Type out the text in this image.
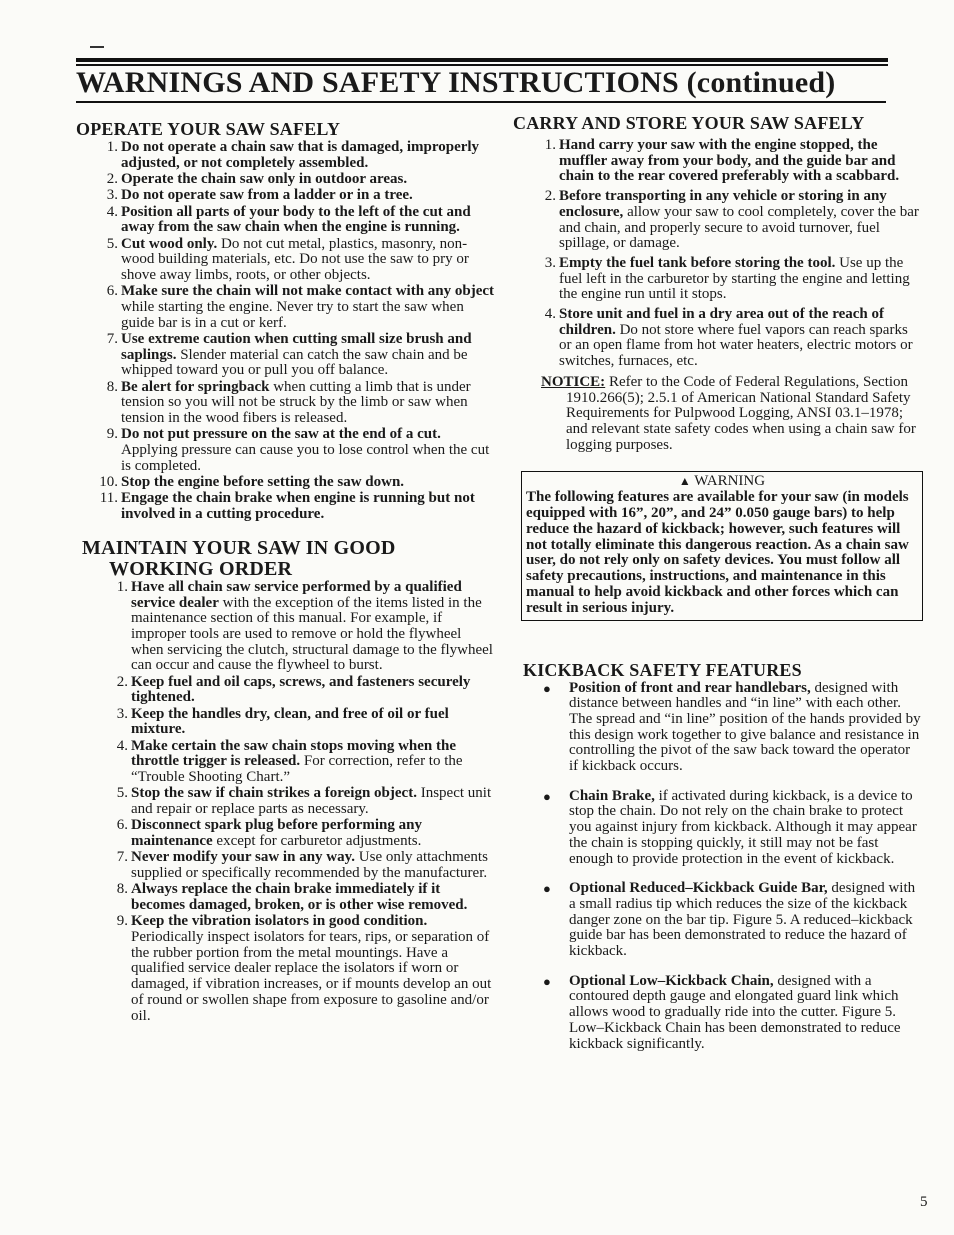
WARNINGS AND SAFETY INSTRUCTIONS (continued)
OPERATE YOUR SAW SAFELY
1. Do not operate a chain saw that is damaged, improperly adjusted, or not completely assembled.
2. Operate the chain saw only in outdoor areas.
3. Do not operate saw from a ladder or in a tree.
4. Position all parts of your body to the left of the cut and away from the saw chain when the engine is running.
5. Cut wood only. Do not cut metal, plastics, masonry, non-wood building materials, etc. Do not use the saw to pry or shove away limbs, roots, or other objects.
6. Make sure the chain will not make contact with any object while starting the engine. Never try to start the saw when guide bar is in a cut or kerf.
7. Use extreme caution when cutting small size brush and saplings. Slender material can catch the saw chain and be whipped toward you or pull you off balance.
8. Be alert for springback when cutting a limb that is under tension so you will not be struck by the limb or saw when tension in the wood fibers is released.
9. Do not put pressure on the saw at the end of a cut. Applying pressure can cause you to lose control when the cut is completed.
10. Stop the engine before setting the saw down.
11. Engage the chain brake when engine is running but not involved in a cutting procedure.
MAINTAIN YOUR SAW IN GOOD
WORKING ORDER
1. Have all chain saw service performed by a qualified service dealer with the exception of the items listed in the maintenance section of this manual. For example, if improper tools are used to remove or hold the flywheel when servicing the clutch, structural damage to the flywheel can occur and cause the flywheel to burst.
2. Keep fuel and oil caps, screws, and fasteners securely tightened.
3. Keep the handles dry, clean, and free of oil or fuel mixture.
4. Make certain the saw chain stops moving when the throttle trigger is released. For correction, refer to the “Trouble Shooting Chart.”
5. Stop the saw if chain strikes a foreign object. Inspect unit and repair or replace parts as necessary.
6. Disconnect spark plug before performing any maintenance except for carburetor adjustments.
7. Never modify your saw in any way. Use only attachments supplied or specifically recommended by the manufacturer.
8. Always replace the chain brake immediately if it becomes damaged, broken, or is other wise removed.
9. Keep the vibration isolators in good condition. Periodically inspect isolators for tears, rips, or separation of the rubber portion from the metal mountings. Have a qualified service dealer replace the isolators if worn or damaged, if vibration increases, or if mounts develop an out of round or swollen shape from exposure to gasoline and/or oil.
CARRY AND STORE YOUR SAW SAFELY
1. Hand carry your saw with the engine stopped, the muffler away from your body, and the guide bar and chain to the rear covered preferably with a scabbard.
2. Before transporting in any vehicle or storing in any enclosure, allow your saw to cool completely, cover the bar and chain, and properly secure to avoid turnover, fuel spillage, or damage.
3. Empty the fuel tank before storing the tool. Use up the fuel left in the carburetor by starting the engine and letting the engine run until it stops.
4. Store unit and fuel in a dry area out of the reach of children. Do not store where fuel vapors can reach sparks or an open flame from hot water heaters, electric motors or switches, furnaces, etc.

NOTICE: Refer to the Code of Federal Regulations, Section 1910.266(5); 2.5.1 of American National Standard Safety Requirements for Pulpwood Logging, ANSI 03.1–1978; and relevant state safety codes when using a chain saw for logging purposes.

▲ WARNING
The following features are available for your saw (in models equipped with 16”, 20”, and 24” 0.050 gauge bars) to help reduce the hazard of kickback; however, such features will not totally eliminate this dangerous reaction. As a chain saw user, do not rely only on safety devices. You must follow all safety precautions, instructions, and maintenance in this manual to help avoid kickback and other forces which can result in serious injury.
KICKBACK SAFETY FEATURES
● Position of front and rear handlebars, designed with distance between handles and “in line” with each other. The spread and “in line” position of the hands provided by this design work together to give balance and resistance in controlling the pivot of the saw back toward the operator if kickback occurs.
● Chain Brake, if activated during kickback, is a device to stop the chain. Do not rely on the chain brake to protect you against injury from kickback. Although it may appear the chain is stopping quickly, it still may not be fast enough to provide protection in the event of kickback.
● Optional Reduced–Kickback Guide Bar, designed with a small radius tip which reduces the size of the kickback danger zone on the bar tip. Figure 5. A reduced–kickback guide bar has been demonstrated to reduce the hazard of kickback.
● Optional Low–Kickback Chain, designed with a contoured depth gauge and elongated guard link which allows wood to gradually ride into the cutter. Figure 5. Low–Kickback Chain has been demonstrated to reduce kickback significantly.
5
